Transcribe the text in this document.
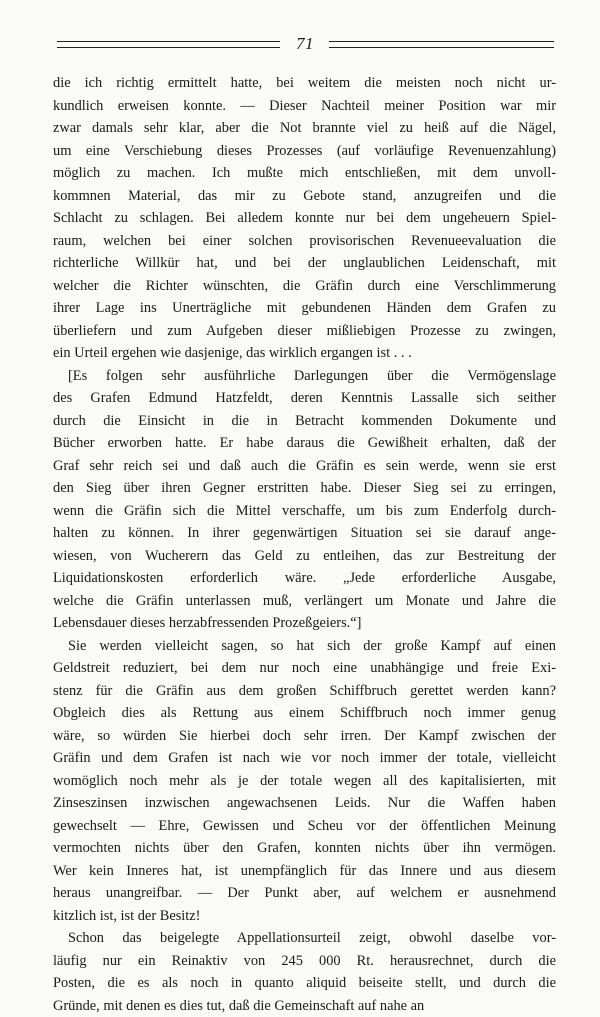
71
die ich richtig ermittelt hatte, bei weitem die meisten noch nicht ur-
kundlich erweisen konnte. — Dieser Nachteil meiner Position war mir
zwar damals sehr klar, aber die Not brannte viel zu heiß auf die Nägel,
um eine Verschiebung dieses Prozesses (auf vorläufige Revenuenzahlung)
möglich zu machen. Ich mußte mich entschließen, mit dem unvoll-
kommnen Material, das mir zu Gebote stand, anzugreifen und die
Schlacht zu schlagen. Bei alledem konnte nur bei dem ungeheuern Spiel-
raum, welchen bei einer solchen provisorischen Revenueevaluation die
richterliche Willkür hat, und bei der unglaublichen Leidenschaft, mit
welcher die Richter wünschten, die Gräfin durch eine Verschlimmerung
ihrer Lage ins Unerträgliche mit gebundenen Händen dem Grafen zu
überliefern und zum Aufgeben dieser mißliebigen Prozesse zu zwingen,
ein Urteil ergehen wie dasjenige, das wirklich ergangen ist . . .
[Es folgen sehr ausführliche Darlegungen über die Vermögenslage
des Grafen Edmund Hatzfeldt, deren Kenntnis Lassalle sich seither
durch die Einsicht in die in Betracht kommenden Dokumente und
Bücher erworben hatte. Er habe daraus die Gewißheit erhalten, daß der
Graf sehr reich sei und daß auch die Gräfin es sein werde, wenn sie erst
den Sieg über ihren Gegner erstritten habe. Dieser Sieg sei zu erringen,
wenn die Gräfin sich die Mittel verschaffe, um bis zum Enderfolg durch-
halten zu können. In ihrer gegenwärtigen Situation sei sie darauf ange-
wiesen, von Wucherern das Geld zu entleihen, das zur Bestreitung der
Liquidationskosten erforderlich wäre. „Jede erforderliche Ausgabe,
welche die Gräfin unterlassen muß, verlängert um Monate und Jahre die
Lebensdauer dieses herzabfressenden Prozeßgeiers.“]
Sie werden vielleicht sagen, so hat sich der große Kampf auf einen
Geldstreit reduziert, bei dem nur noch eine unabhängige und freie Exi-
stenz für die Gräfin aus dem großen Schiffbruch gerettet werden kann?
Obgleich dies als Rettung aus einem Schiffbruch noch immer genug
wäre, so würden Sie hierbei doch sehr irren. Der Kampf zwischen der
Gräfin und dem Grafen ist nach wie vor noch immer der totale, vielleicht
womöglich noch mehr als je der totale wegen all des kapitalisierten, mit
Zinseszinsen inzwischen angewachsenen Leids. Nur die Waffen haben
gewechselt — Ehre, Gewissen und Scheu vor der öffentlichen Meinung
vermochten nichts über den Grafen, konnten nichts über ihn vermögen.
Wer kein Inneres hat, ist unempfänglich für das Innere und aus diesem
heraus unangreifbar. — Der Punkt aber, auf welchem er ausnehmend
kitzlich ist, ist der Besitz!
Schon das beigelegte Appellationsurteil zeigt, obwohl daselbe vor-
läufig nur ein Reinaktiv von 245 000 Rt. herausrechnet, durch die
Posten, die es als noch in quanto aliquid beiseite stellt, und durch die
Gründe, mit denen es dies tut, daß die Gemeinschaft auf nahe an
